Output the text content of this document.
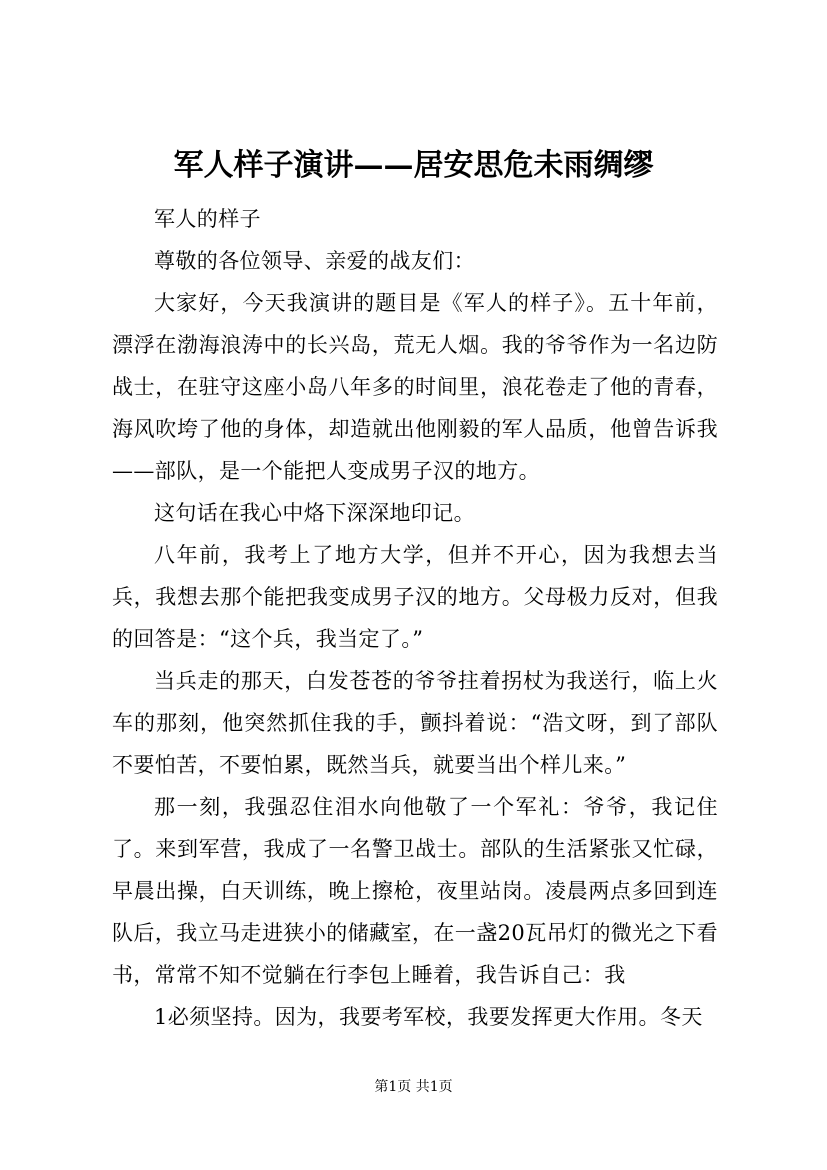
军人样子演讲——居安思危未雨绸缪

军人的样子

尊敬的各位领导、亲爱的战友们：

大家好，今天我演讲的题目是《军人的样子》。五十年前，漂浮在渤海浪涛中的长兴岛，荒无人烟。我的爷爷作为一名边防战士，在驻守这座小岛八年多的时间里，浪花卷走了他的青春，海风吹垮了他的身体，却造就出他刚毅的军人品质，他曾告诉我——部队，是一个能把人变成男子汉的地方。

这句话在我心中烙下深深地印记。

八年前，我考上了地方大学，但并不开心，因为我想去当兵，我想去那个能把我变成男子汉的地方。父母极力反对，但我的回答是：“这个兵，我当定了。”

当兵走的那天，白发苍苍的爷爷拄着拐杖为我送行，临上火车的那刻，他突然抓住我的手，颤抖着说：“浩文呀，到了部队不要怕苦，不要怕累，既然当兵，就要当出个样儿来。”

那一刻，我强忍住泪水向他敬了一个军礼：爷爷，我记住了。来到军营，我成了一名警卫战士。部队的生活紧张又忙碌，早晨出操，白天训练，晚上擦枪，夜里站岗。凌晨两点多回到连队后，我立马走进狭小的储藏室，在一盏20瓦吊灯的微光之下看书，常常不知不觉躺在行李包上睡着，我告诉自己：我

1必须坚持。因为，我要考军校，我要发挥更大作用。冬天

第1页 共1页
